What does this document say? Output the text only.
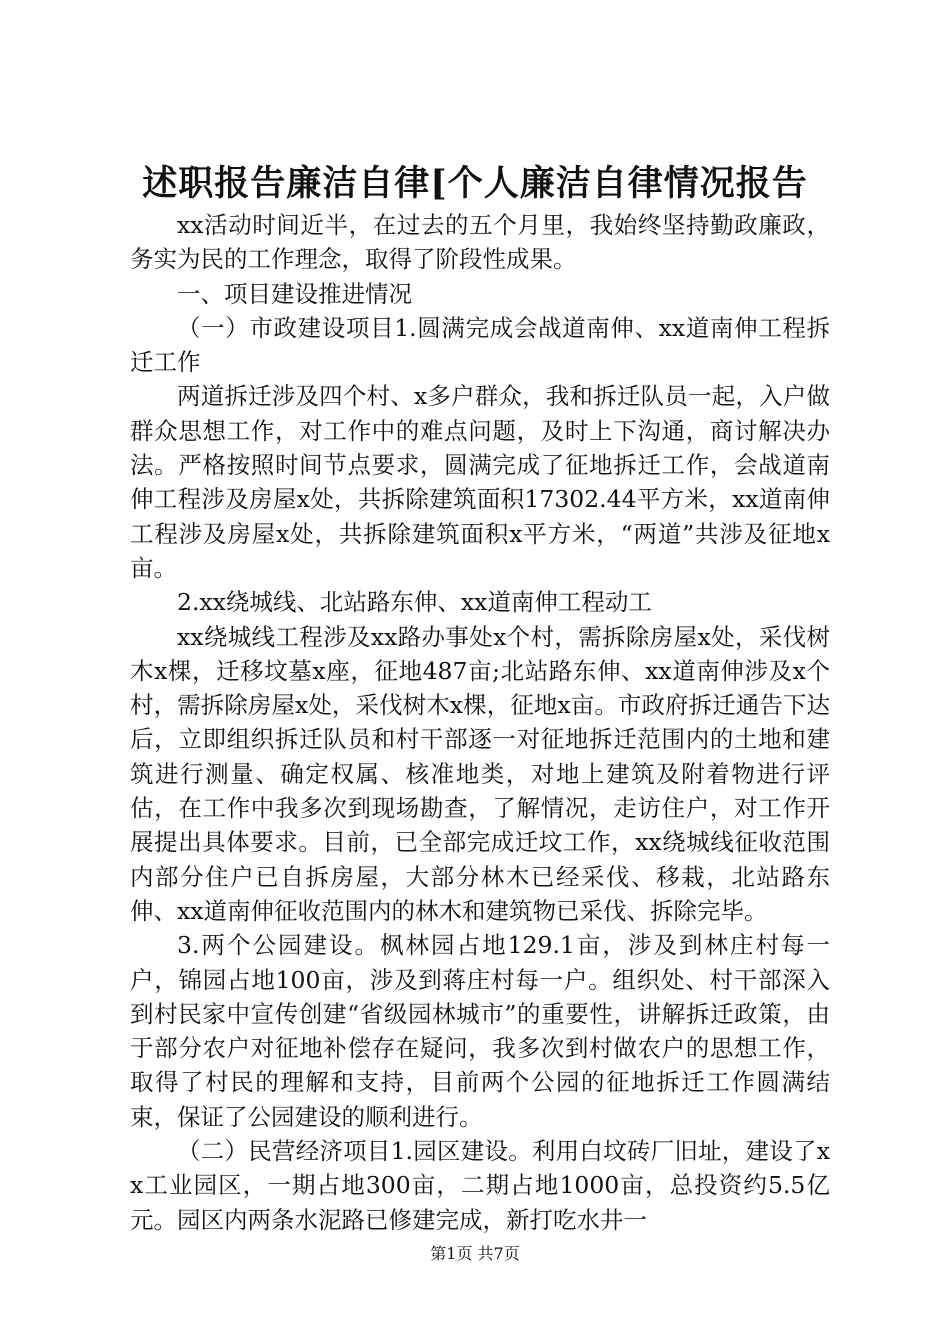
述职报告廉洁自律[个人廉洁自律情况报告

xx活动时间近半，在过去的五个月里，我始终坚持勤政廉政，务实为民的工作理念，取得了阶段性成果。

一、项目建设推进情况

（一）市政建设项目1.圆满完成会战道南伸、xx道南伸工程拆迁工作

两道拆迁涉及四个村、x多户群众，我和拆迁队员一起，入户做群众思想工作，对工作中的难点问题，及时上下沟通，商讨解决办法。严格按照时间节点要求，圆满完成了征地拆迁工作，会战道南伸工程涉及房屋x处，共拆除建筑面积17302.44平方米，xx道南伸工程涉及房屋x处，共拆除建筑面积x平方米，“两道”共涉及征地x亩。

2.xx绕城线、北站路东伸、xx道南伸工程动工

xx绕城线工程涉及xx路办事处x个村，需拆除房屋x处，采伐树木x棵，迁移坟墓x座，征地487亩;北站路东伸、xx道南伸涉及x个村，需拆除房屋x处，采伐树木x棵，征地x亩。市政府拆迁通告下达后，立即组织拆迁队员和村干部逐一对征地拆迁范围内的土地和建筑进行测量、确定权属、核准地类，对地上建筑及附着物进行评估，在工作中我多次到现场勘查，了解情况，走访住户，对工作开展提出具体要求。目前，已全部完成迁坟工作，xx绕城线征收范围内部分住户已自拆房屋，大部分林木已经采伐、移栽，北站路东伸、xx道南伸征收范围内的林木和建筑物已采伐、拆除完毕。

3.两个公园建设。枫林园占地129.1亩，涉及到林庄村每一户，锦园占地100亩，涉及到蒋庄村每一户。组织处、村干部深入到村民家中宣传创建“省级园林城市”的重要性，讲解拆迁政策，由于部分农户对征地补偿存在疑问，我多次到村做农户的思想工作，取得了村民的理解和支持，目前两个公园的征地拆迁工作圆满结束，保证了公园建设的顺利进行。

（二）民营经济项目1.园区建设。利用白坟砖厂旧址，建设了xx工业园区，一期占地300亩，二期占地1000亩，总投资约5.5亿元。园区内两条水泥路已修建完成，新打吃水井一

第1页 共7页
